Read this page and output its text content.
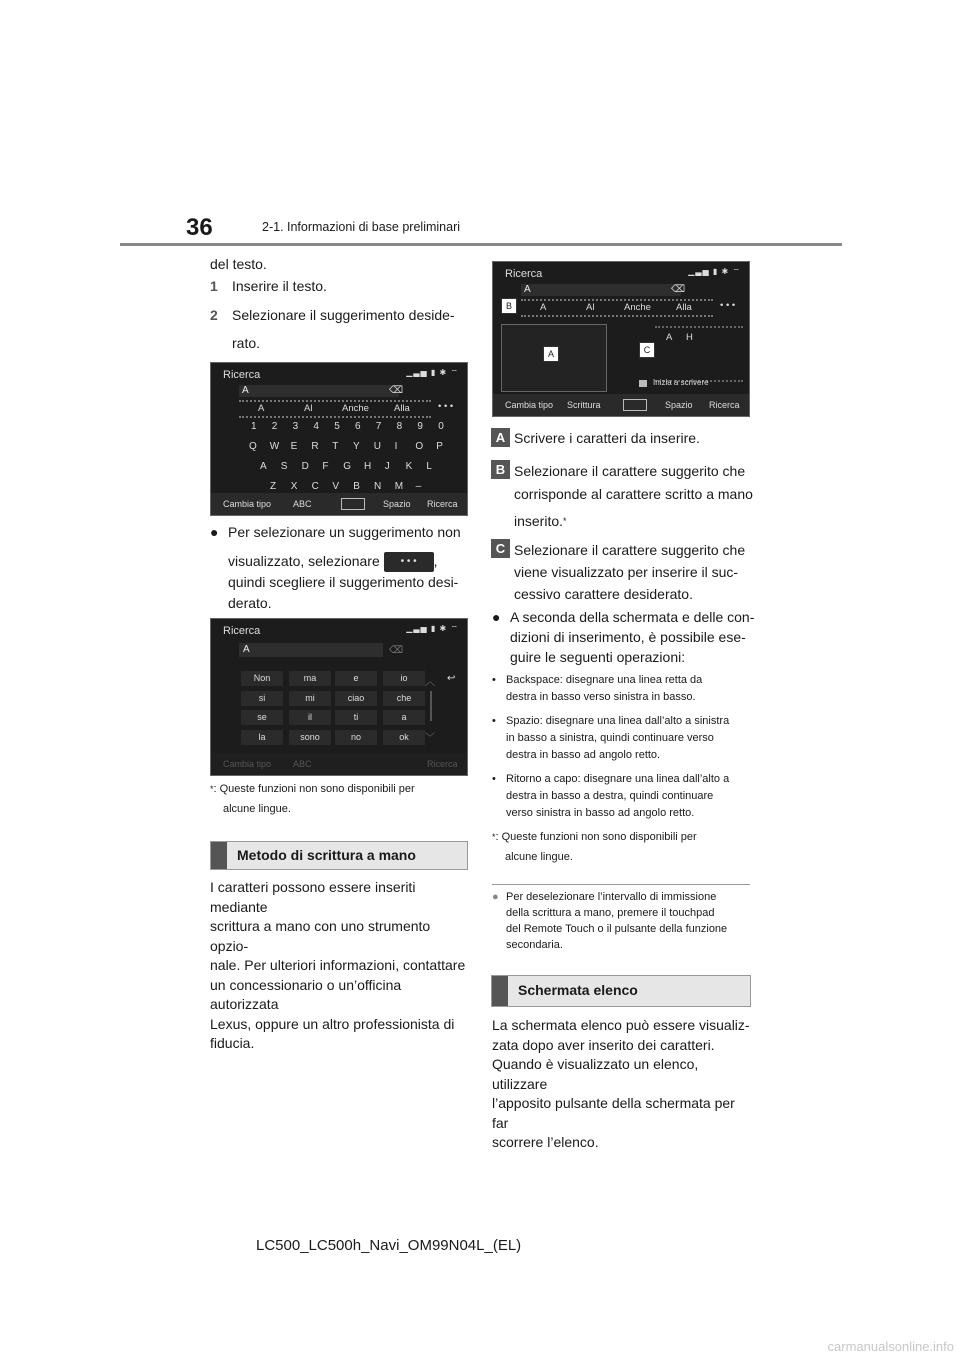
36	2-1. Informazioni di base preliminari
del testo.
1 Inserire il testo.
2 Selezionare il suggerimento deside-
rato.
Ricerca	▁▃▅ ▮ ✱ ⌔
A	⌫
A	Al	Anche	Alla	• • •
1 2 3 4 5 6 7 8 9 0
Q W E R T Y U I O P
A S D F G H J K L
Z X C V B N M –
Cambia tipo ABC	Spazio Ricerca
● Per selezionare un suggerimento non
visualizzato, selezionare • • • ,
quindi scegliere il suggerimento desi-
derato.
Ricerca	▁▃▅ ▮ ✱ ⌔
A	⌫
Non	ma	e	io
si	mi	ciao	che
se	il	ti	a
la	sono	no	ok
︿
﹀
↩
Cambia tipo ABC	Ricerca
*: Queste funzioni non sono disponibili per
alcune lingue.
Metodo di scrittura a mano
I caratteri possono essere inseriti mediante
scrittura a mano con uno strumento opzio-
nale. Per ulteriori informazioni, contattare
un concessionario o un’officina autorizzata
Lexus, oppure un altro professionista di
fiducia.
Ricerca	▁▃▅ ▮ ✱ ⌔
A	⌫
A	Al	Anche	Alla	• • •
A H
Inizia a scrivere
B
A	C
Cambia tipo Scrittura	Spazio Ricerca
A Scrivere i caratteri da inserire.
B Selezionare il carattere suggerito che
corrisponde al carattere scritto a mano
inserito.*
C Selezionare il carattere suggerito che
viene visualizzato per inserire il suc-
cessivo carattere desiderato.
● A seconda della schermata e delle con-
dizioni di inserimento, è possibile ese-
guire le seguenti operazioni:
• Backspace: disegnare una linea retta da
destra in basso verso sinistra in basso.
• Spazio: disegnare una linea dall’alto a sinistra
in basso a sinistra, quindi continuare verso
destra in basso ad angolo retto.
• Ritorno a capo: disegnare una linea dall’alto a
destra in basso a destra, quindi continuare
verso sinistra in basso ad angolo retto.
*: Queste funzioni non sono disponibili per
alcune lingue.
● Per deselezionare l’intervallo di immissione
della scrittura a mano, premere il touchpad
del Remote Touch o il pulsante della funzione
secondaria.
Schermata elenco
La schermata elenco può essere visualiz-
zata dopo aver inserito dei caratteri.
Quando è visualizzato un elenco, utilizzare
l’apposito pulsante della schermata per far
scorrere l’elenco.
LC500_LC500h_Navi_OM99N04L_(EL)
carmanualsonline.info
